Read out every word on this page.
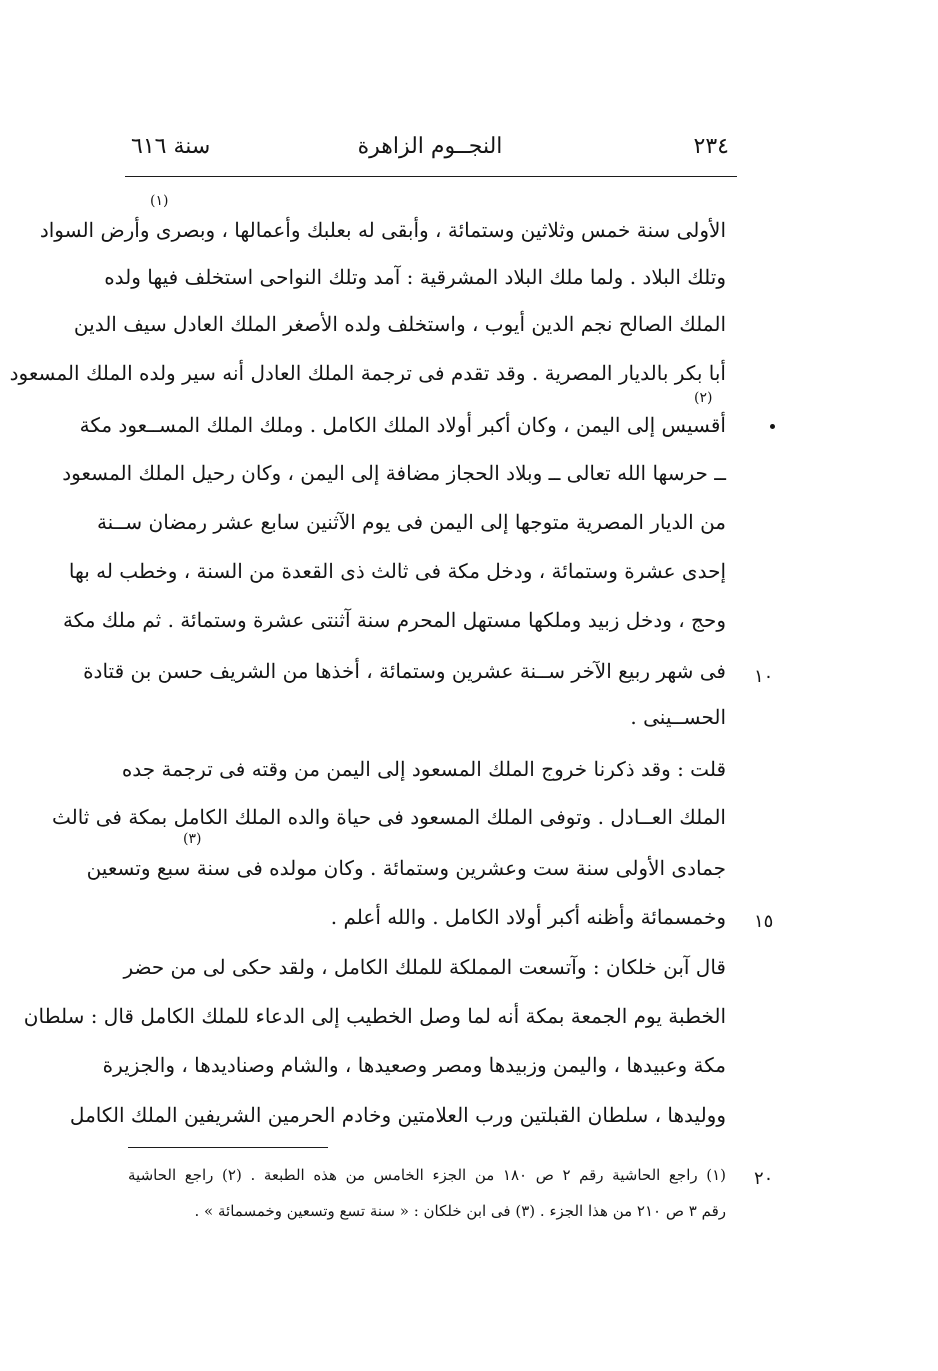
٢٣٤
النجــوم الزاهرة
سنة ٦١٦
الأولى سنة خمس وثلاثين وستمائة ، وأبقى له بعلبك وأعمالها ، وبصرى وأرض السواد
وتلك البلاد . ولما ملك البلاد المشرقية : آمد وتلك النواحى استخلف فيها ولده
الملك الصالح نجم الدين أيوب ، واستخلف ولده الأصغر الملك العادل سيف الدين
أبا بكر بالديار المصرية . وقد تقدم فى ترجمة الملك العادل أنه سير ولده الملك المسعود
أقسيس إلى اليمن ، وكان أكبر أولاد الملك الكامل . وملك الملك المســعود مكة
ــ حرسها الله تعالى ــ وبلاد الحجاز مضافة إلى اليمن ، وكان رحيل الملك المسعود
من الديار المصرية متوجها إلى اليمن فى يوم الآثنين سابع عشر رمضان ســنة
إحدى عشرة وستمائة ، ودخل مكة فى ثالث ذى القعدة من السنة ، وخطب له بها
وحج ، ودخل زبيد وملكها مستهل المحرم سنة آثنتى عشرة وستمائة . ثم ملك مكة
فى شهر ربيع الآخر ســنة عشرين وستمائة ، أخذها من الشريف حسن بن قتادة
الحســينى .
قلت : وقد ذكرنا خروج الملك المسعود إلى اليمن من وقته فى ترجمة جده
الملك العــادل . وتوفى الملك المسعود فى حياة والده الملك الكامل بمكة فى ثالث
جمادى الأولى سنة ست وعشرين وستمائة . وكان مولده فى سنة سبع وتسعين
وخمسمائة وأظنه أكبر أولاد الكامل . والله أعلم .
قال آبن خلكان : وآتسعت المملكة للملك الكامل ، ولقد حكى لى من حضر
الخطبة يوم الجمعة بمكة أنه لما وصل الخطيب إلى الدعاء للملك الكامل قال : سلطان
مكة وعبيدها ، واليمن وزبيدها ومصر وصعيدها ، والشام وصناديدها ، والجزيرة
ووليدها ، سلطان القبلتين ورب العلامتين وخادم الحرمين الشريفين الملك الكامل
(١)
(٢)
(٣)
١٠
١٥
٢٠
(١) راجع الحاشية رقم ٢ ص ١٨٠ من الجزء الخامس من هذه الطبعة . (٢) راجع الحاشية
رقم ٣ ص ٢١٠ من هذا الجزء . (٣) فى ابن خلكان : « سنة تسع وتسعين وخمسمائة » .
